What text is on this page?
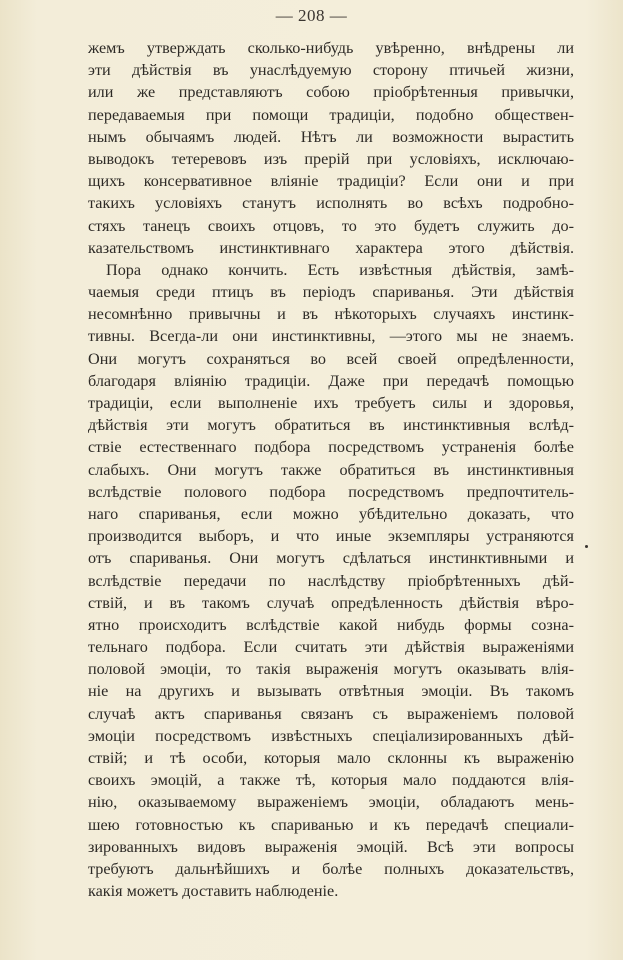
— 208 —
жемъ утверждать сколько-нибудь увѣренно, внѣдрены ли
эти дѣйствія въ унаслѣдуемую сторону птичьей жизни,
или же представляютъ собою пріобрѣтенныя привычки,
передаваемыя при помощи традиціи, подобно обществен-
нымъ обычаямъ людей. Нѣтъ ли возможности вырастить
выводокъ тетеревовъ изъ прерій при условіяхъ, исключаю-
щихъ консервативное вліяніе традиціи? Если они и при
такихъ условіяхъ станутъ исполнять во всѣхъ подробно-
стяхъ танецъ своихъ отцовъ, то это будетъ служить до-
казательствомъ инстинктивнаго характера этого дѣйствія.
Пора однако кончить. Есть извѣстныя дѣйствія, замѣ-
чаемыя среди птицъ въ періодъ спариванья. Эти дѣйствія
несомнѣнно привычны и въ нѣкоторыхъ случаяхъ инстинк-
тивны. Всегда-ли они инстинктивны, —этого мы не знаемъ.
Они могутъ сохраняться во всей своей опредѣленности,
благодаря вліянію традиціи. Даже при передачѣ помощью
традиціи, если выполненіе ихъ требуетъ силы и здоровья,
дѣйствія эти могутъ обратиться въ инстинктивныя вслѣд-
ствіе естественнаго подбора посредствомъ устраненія болѣе
слабыхъ. Они могутъ также обратиться въ инстинктивныя
вслѣдствіе полового подбора посредствомъ предпочтитель-
наго спариванья, если можно убѣдительно доказать, что
производится выборъ, и что иные экземпляры устраняются
отъ спариванья. Они могутъ сдѣлаться инстинктивными и
вслѣдствіе передачи по наслѣдству пріобрѣтенныхъ дѣй-
ствій, и въ такомъ случаѣ опредѣленность дѣйствія вѣро-
ятно происходитъ вслѣдствіе какой нибудь формы созна-
тельнаго подбора. Если считать эти дѣйствія выраженіями
половой эмоціи, то такія выраженія могутъ оказывать влія-
ніе на другихъ и вызывать отвѣтныя эмоціи. Въ такомъ
случаѣ актъ спариванья связанъ съ выраженіемъ половой
эмоціи посредствомъ извѣстныхъ спеціализированныхъ дѣй-
ствій; и тѣ особи, которыя мало склонны къ выраженію
своихъ эмоцій, а также тѣ, которыя мало поддаются влія-
нію, оказываемому выраженіемъ эмоціи, обладаютъ мень-
шею готовностью къ спариванью и къ передачѣ специали-
зированныхъ видовъ выраженія эмоцій. Всѣ эти вопросы
требуютъ дальнѣйшихъ и болѣе полныхъ доказательствъ,
какія можетъ доставить наблюденіе.
